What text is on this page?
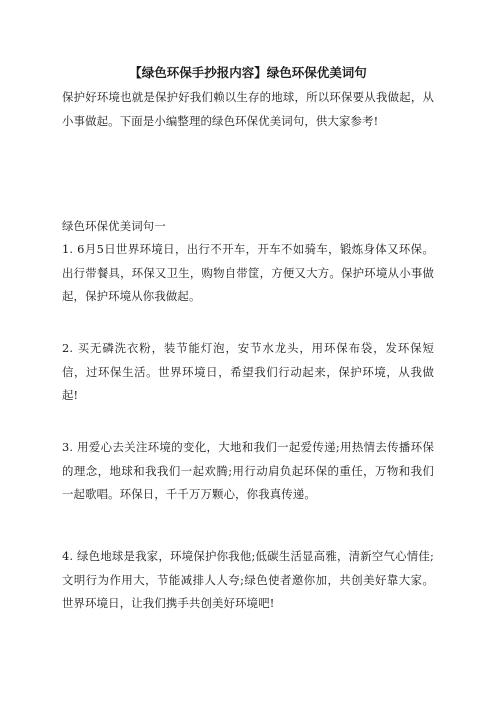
【绿色环保手抄报内容】绿色环保优美词句

保护好环境也就是保护好我们赖以生存的地球，所以环保要从我做起，从小事做起。下面是小编整理的绿色环保优美词句，供大家参考!

绿色环保优美词句一

1. 6月5日世界环境日，出行不开车，开车不如骑车，锻炼身体又环保。出行带餐具，环保又卫生，购物自带筐，方便又大方。保护环境从小事做起，保护环境从你我做起。

2. 买无磷洗衣粉，装节能灯泡，安节水龙头，用环保布袋，发环保短信，过环保生活。世界环境日，希望我们行动起来，保护环境，从我做起!

3. 用爱心去关注环境的变化，大地和我们一起爱传递;用热情去传播环保的理念，地球和我我们一起欢腾;用行动肩负起环保的重任，万物和我们一起歌唱。环保日，千千万万颗心，你我真传递。

4. 绿色地球是我家，环境保护你我他;低碳生活显高雅，清新空气心情佳;文明行为作用大，节能减排人人夸;绿色使者邀你加，共创美好靠大家。世界环境日，让我们携手共创美好环境吧!
